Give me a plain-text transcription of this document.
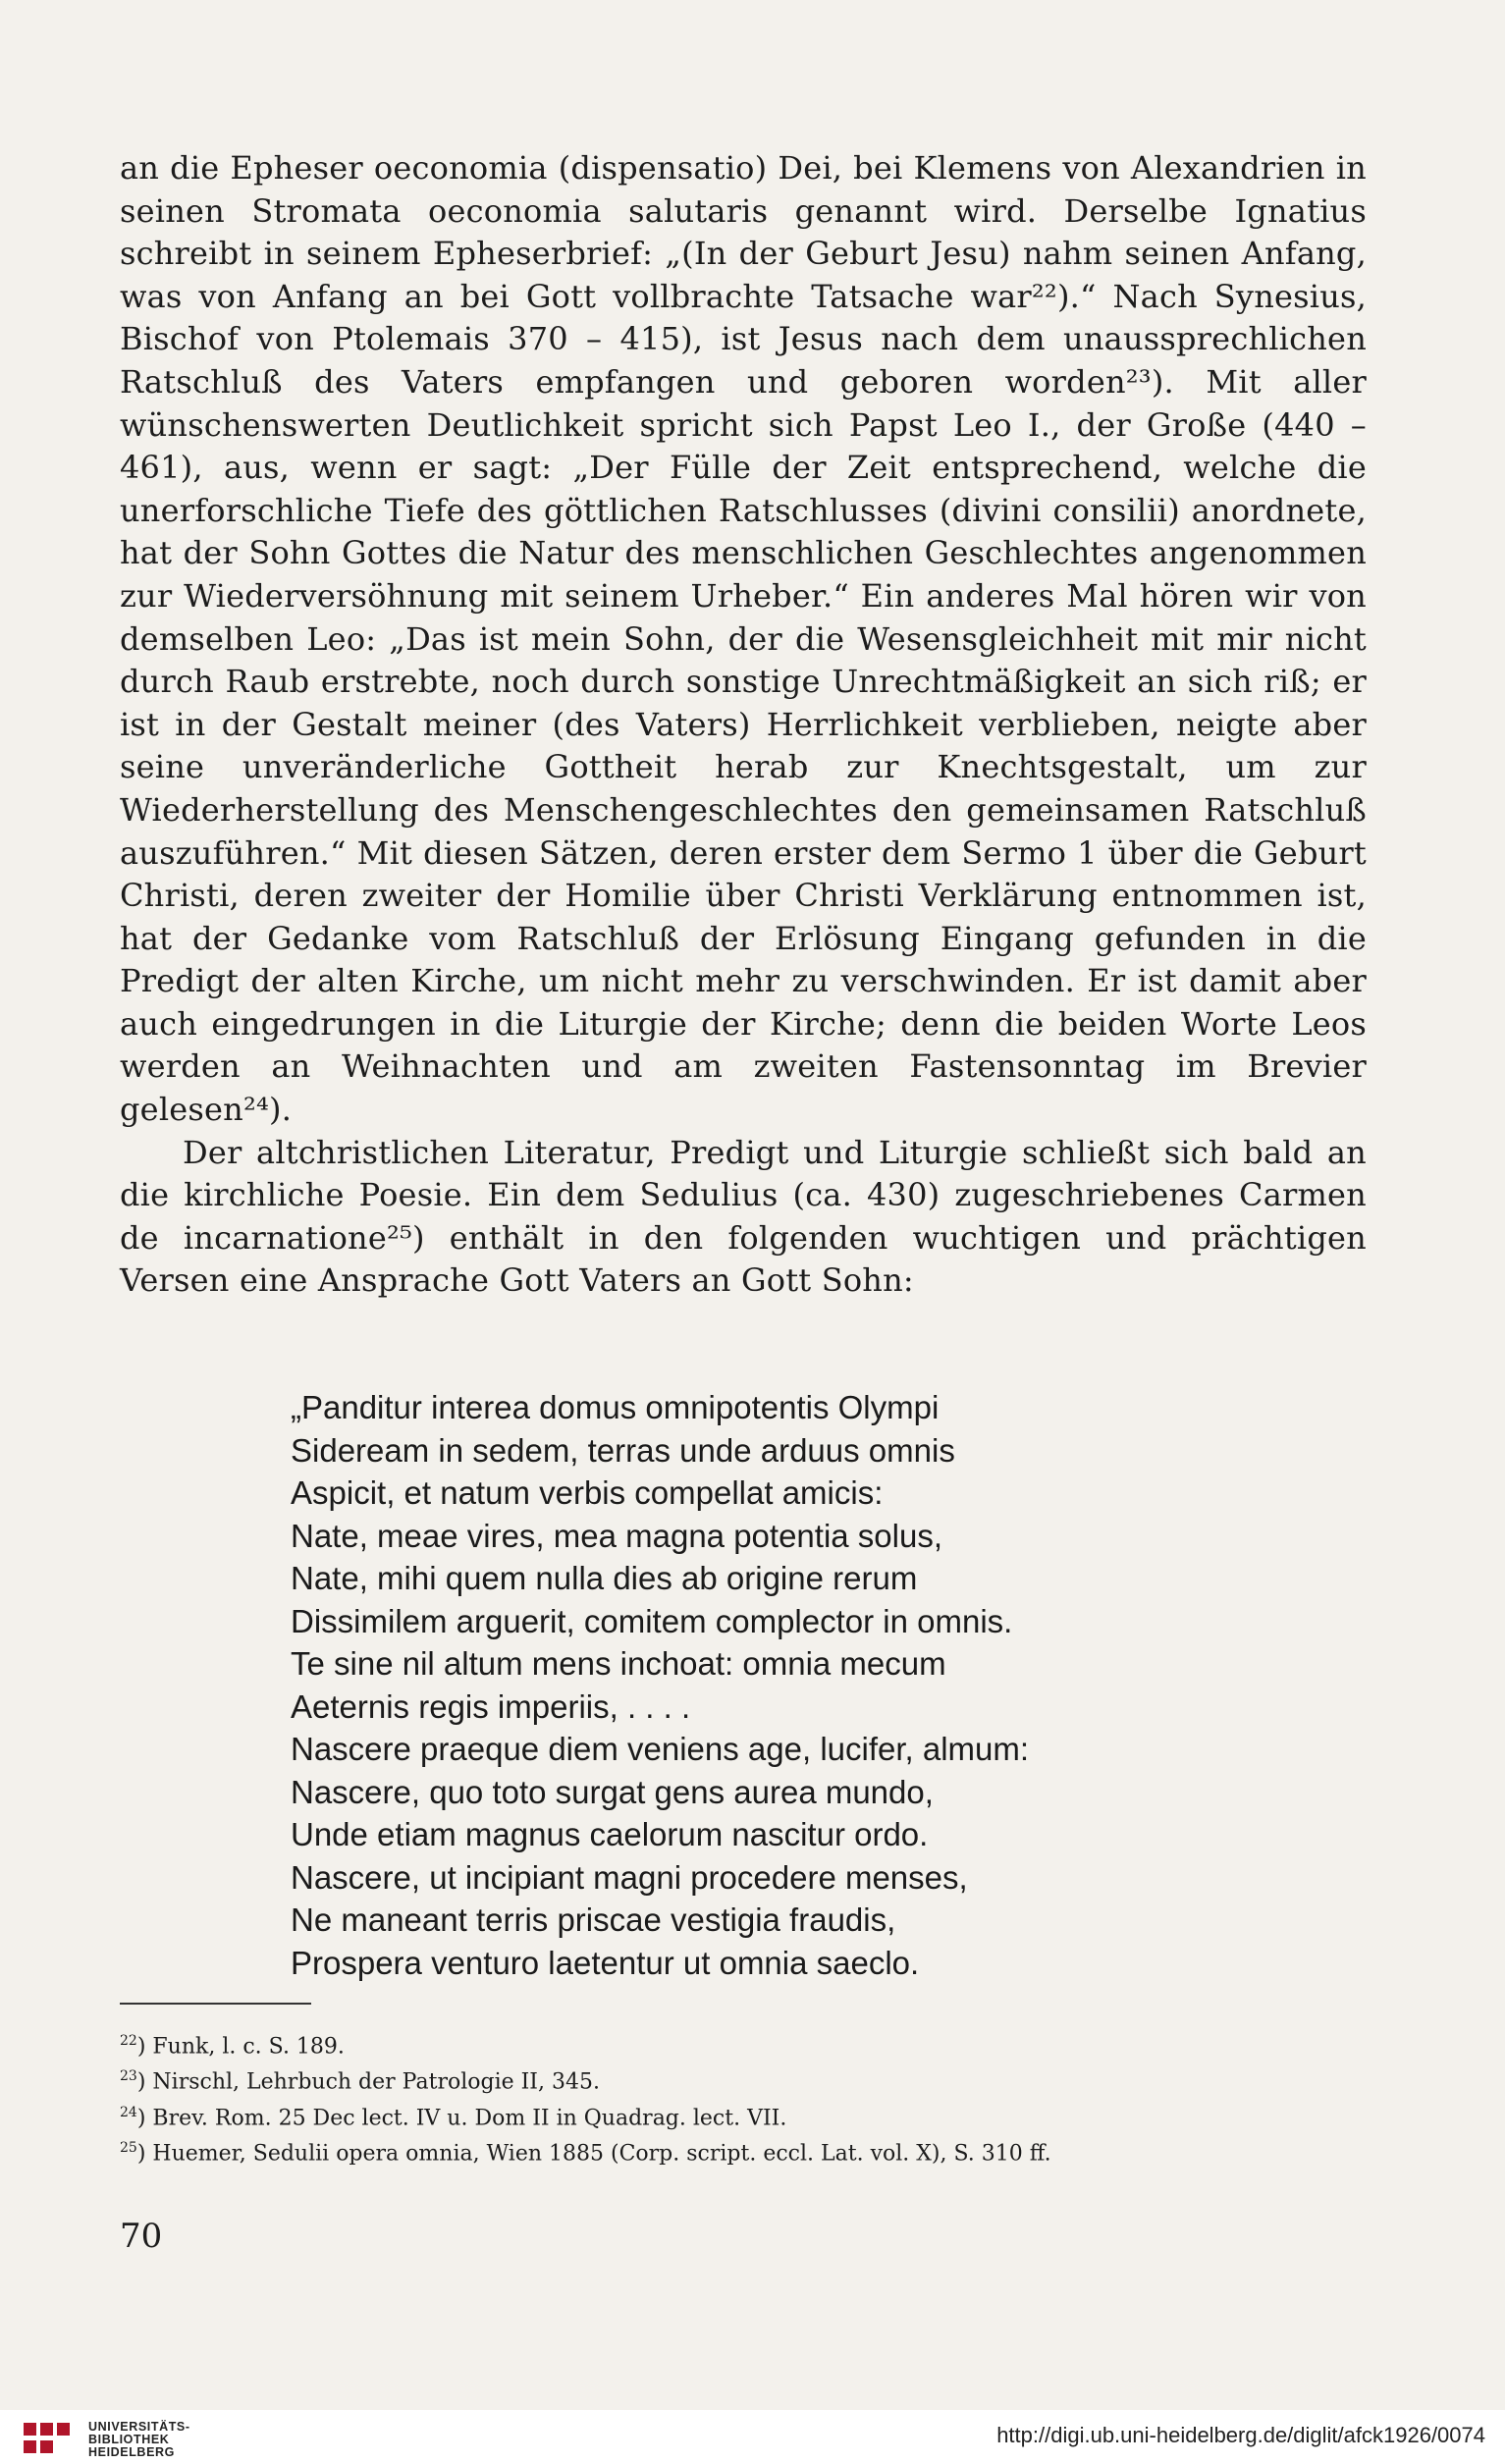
an die Epheser oeconomia (dispensatio) Dei, bei Klemens von Alexandrien in seinen Stromata oeconomia salutaris genannt wird. Derselbe Ignatius schreibt in seinem Epheserbrief: „(In der Geburt Jesu) nahm seinen Anfang, was von Anfang an bei Gott vollbrachte Tatsache war²²).“ Nach Synesius, Bischof von Ptolemais 370 – 415), ist Jesus nach dem unaussprechlichen Ratschluß des Vaters empfangen und geboren worden²³). Mit aller wünschenswerten Deutlichkeit spricht sich Papst Leo I., der Große (440 – 461), aus, wenn er sagt: „Der Fülle der Zeit entsprechend, welche die unerforschliche Tiefe des göttlichen Ratschlusses (divini consilii) anordnete, hat der Sohn Gottes die Natur des menschlichen Geschlechtes angenommen zur Wiederversöhnung mit seinem Urheber.“ Ein anderes Mal hören wir von demselben Leo: „Das ist mein Sohn, der die Wesensgleichheit mit mir nicht durch Raub erstrebte, noch durch sonstige Unrechtmäßigkeit an sich riß; er ist in der Gestalt meiner (des Vaters) Herrlichkeit verblieben, neigte aber seine unveränderliche Gottheit herab zur Knechtsgestalt, um zur Wiederherstellung des Menschengeschlechtes den gemeinsamen Ratschluß auszuführen.“ Mit diesen Sätzen, deren erster dem Sermo 1 über die Geburt Christi, deren zweiter der Homilie über Christi Verklärung entnommen ist, hat der Gedanke vom Ratschluß der Erlösung Eingang gefunden in die Predigt der alten Kirche, um nicht mehr zu verschwinden. Er ist damit aber auch eingedrungen in die Liturgie der Kirche; denn die beiden Worte Leos werden an Weihnachten und am zweiten Fastensonntag im Brevier gelesen²⁴).

Der altchristlichen Literatur, Predigt und Liturgie schließt sich bald an die kirchliche Poesie. Ein dem Sedulius (ca. 430) zugeschriebenes Carmen de incarnatione²⁵) enthält in den folgenden wuchtigen und prächtigen Versen eine Ansprache Gott Vaters an Gott Sohn:

„Panditur interea domus omnipotentis Olympi
Sideream in sedem, terras unde arduus omnis
Aspicit, et natum verbis compellat amicis:
Nate, meae vires, mea magna potentia solus,
Nate, mihi quem nulla dies ab origine rerum
Dissimilem arguerit, comitem complector in omnis.
Te sine nil altum mens inchoat: omnia mecum
Aeternis regis imperiis, . . . .
Nascere praeque diem veniens age, lucifer, almum:
Nascere, quo toto surgat gens aurea mundo,
Unde etiam magnus caelorum nascitur ordo.
Nascere, ut incipiant magni procedere menses,
Ne maneant terris priscae vestigia fraudis,
Prospera venturo laetentur ut omnia saeclo.
$^{22}$) Funk, l. c. S. 189.
$^{23}$) Nirschl, Lehrbuch der Patrologie II, 345.
$^{24}$) Brev. Rom. 25 Dec lect. IV u. Dom II in Quadrag. lect. VII.
$^{25}$) Huemer, Sedulii opera omnia, Wien 1885 (Corp. script. eccl. Lat. vol. X), S. 310 ff.
70
UNIVERSITÄTS-
BIBLIOTHEK
HEIDELBERG
http://digi.ub.uni-heidelberg.de/diglit/afck1926/0074
